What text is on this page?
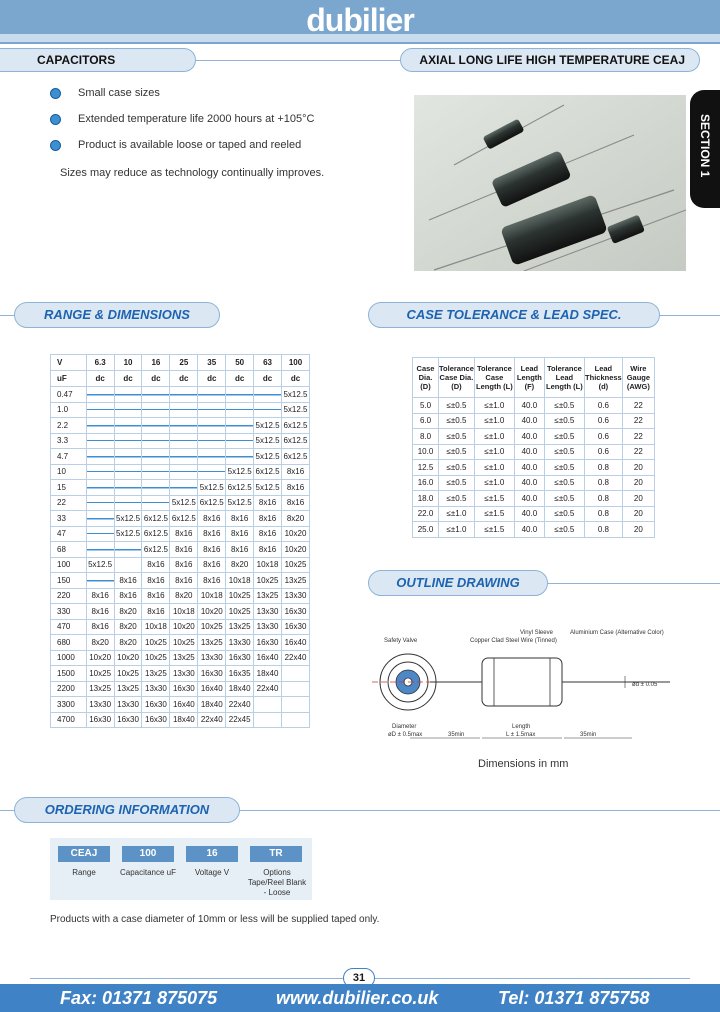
dubilier
CAPACITORS	AXIAL LONG LIFE HIGH TEMPERATURE CEAJ
SECTION 1
Small case sizes
Extended temperature life 2000 hours at +105°C
Product is available loose or taped and reeled
Sizes may reduce as technology continually improves.
RANGE & DIMENSIONS	CASE TOLERANCE & LEAD SPEC.
OUTLINE DRAWING
ORDERING INFORMATION
V	6.3	10	16	25	35	50	63	100
uF	dc	dc	dc	dc	dc	dc	dc	dc
0.47								5x12.5
1.0								5x12.5
2.2							5x12.5	6x12.5
3.3							5x12.5	6x12.5
4.7							5x12.5	6x12.5
10						5x12.5	6x12.5	8x16
15					5x12.5	6x12.5	5x12.5	8x16
22				5x12.5	6x12.5	5x12.5	8x16	8x16
33		5x12.5	6x12.5	6x12.5	8x16	8x16	8x16	8x20
47		5x12.5	6x12.5	8x16	8x16	8x16	8x16	10x20
68			6x12.5	8x16	8x16	8x16	8x16	10x20
100	5x12.5		8x16	8x16	8x16	8x20	10x18	10x25
150		8x16	8x16	8x16	8x16	10x18	10x25	13x25
220	8x16	8x16	8x16	8x20	10x18	10x25	13x25	13x30
330	8x16	8x20	8x16	10x18	10x20	10x25	13x30	16x30
470	8x16	8x20	10x18	10x20	10x25	13x25	13x30	16x30
680	8x20	8x20	10x25	10x25	13x25	13x30	16x30	16x40
1000	10x20	10x20	10x25	13x25	13x30	16x30	16x40	22x40
1500	10x25	10x25	13x25	13x30	16x30	16x35	18x40	
2200	13x25	13x25	13x30	16x30	16x40	18x40	22x40	
3300	13x30	13x30	16x30	16x40	18x40	22x40		
4700	16x30	16x30	16x30	18x40	22x40	22x45		
Case Dia. (D)	Tolerance Case Dia. (D)	Tolerance Case Length (L)	Lead Length (F)	Tolerance Lead Length (L)	Lead Thickness (d)	Wire Gauge (AWG)
5.0	≤±0.5	≤±1.0	40.0	≤±0.5	0.6	22
6.0	≤±0.5	≤±1.0	40.0	≤±0.5	0.6	22
8.0	≤±0.5	≤±1.0	40.0	≤±0.5	0.6	22
10.0	≤±0.5	≤±1.0	40.0	≤±0.5	0.6	22
12.5	≤±0.5	≤±1.0	40.0	≤±0.5	0.8	20
16.0	≤±0.5	≤±1.0	40.0	≤±0.5	0.8	20
18.0	≤±0.5	≤±1.5	40.0	≤±0.5	0.8	20
22.0	≤±1.0	≤±1.5	40.0	≤±0.5	0.8	20
25.0	≤±1.0	≤±1.5	40.0	≤±0.5	0.8	20
Safety Valve	Copper Clad Steel Wire (Tinned)
Vinyl Sleeve	Aluminium Case (Alternative Color)
ød ± 0.05
Diameter
øD ± 0.5max	35min
Length
L ± 1.5max	35min
Dimensions in mm
CEAJ	100	16	TR
Range	Capacitance uF	Voltage V	Options Tape/Reel Blank - Loose
Products with a case diameter of 10mm or less will be supplied taped only.
31
Fax: 01371 875075	www.dubilier.co.uk	Tel: 01371 875758
